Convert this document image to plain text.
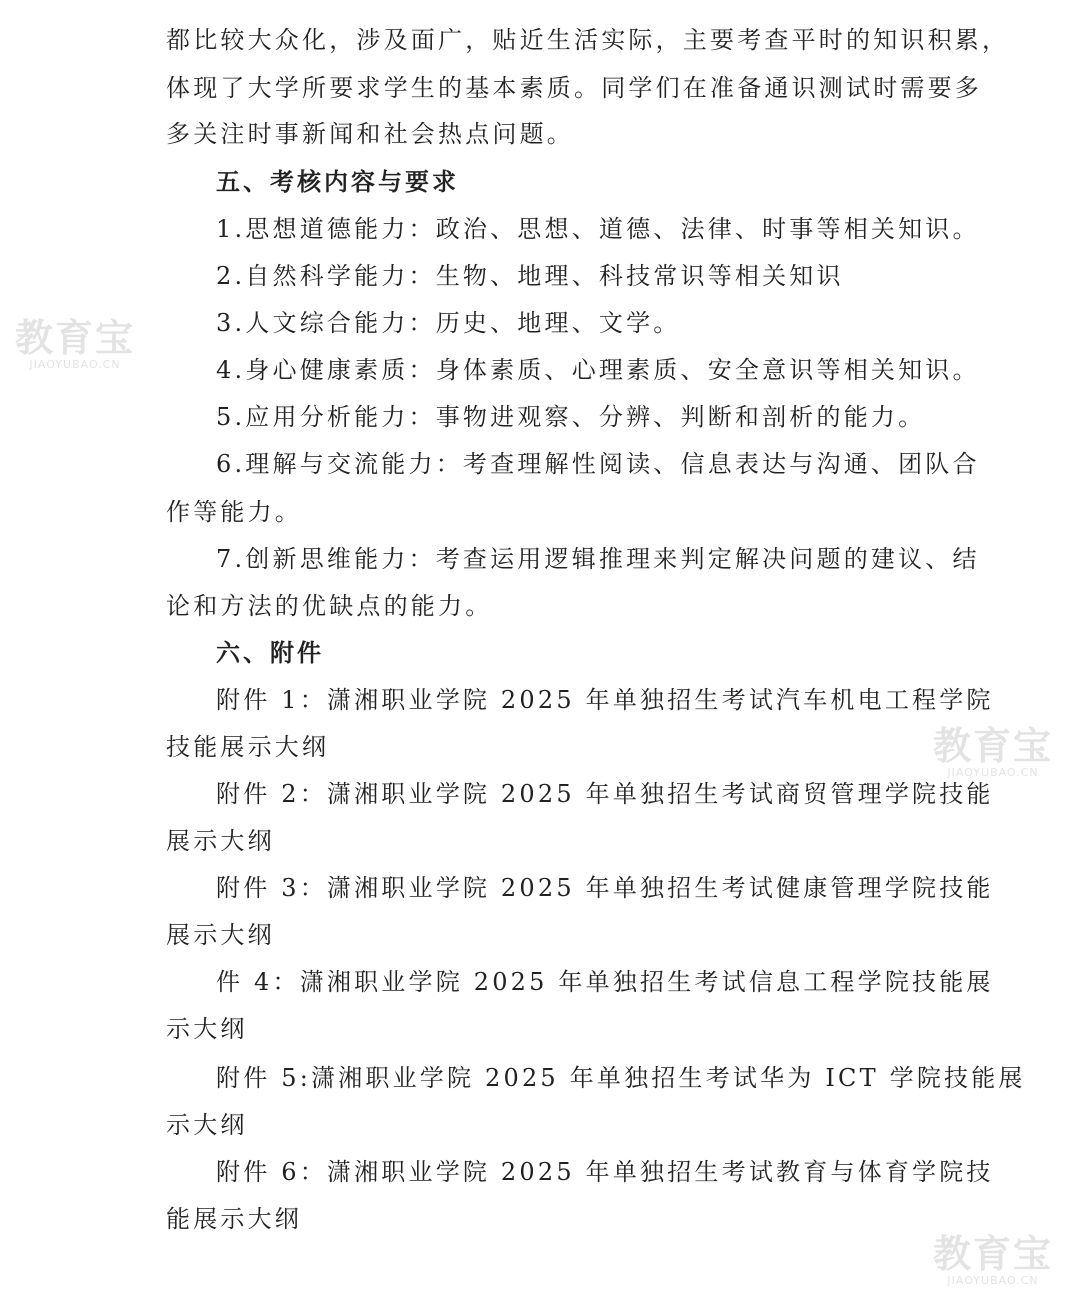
都比较大众化，涉及面广，贴近生活实际，主要考查平时的知识积累，
体现了大学所要求学生的基本素质。同学们在准备通识测试时需要多
多关注时事新闻和社会热点问题。
五、考核内容与要求
1.思想道德能力：政治、思想、道德、法律、时事等相关知识。
2.自然科学能力：生物、地理、科技常识等相关知识
3.人文综合能力：历史、地理、文学。
4.身心健康素质：身体素质、心理素质、安全意识等相关知识。
5.应用分析能力：事物进观察、分辨、判断和剖析的能力。
6.理解与交流能力：考查理解性阅读、信息表达与沟通、团队合
作等能力。
7.创新思维能力：考查运用逻辑推理来判定解决问题的建议、结
论和方法的优缺点的能力。
六、附件
附件 1：潇湘职业学院 2025 年单独招生考试汽车机电工程学院
技能展示大纲
附件 2：潇湘职业学院 2025 年单独招生考试商贸管理学院技能
展示大纲
附件 3：潇湘职业学院 2025 年单独招生考试健康管理学院技能
展示大纲
件 4：潇湘职业学院 2025 年单独招生考试信息工程学院技能展
示大纲
附件 5:潇湘职业学院 2025 年单独招生考试华为 ICT 学院技能展
示大纲
附件 6：潇湘职业学院 2025 年单独招生考试教育与体育学院技
能展示大纲
教育宝
JIAOYUBAO.CN
教育宝
JIAOYUBAO.CN
教育宝
JIAOYUBAO.CN
